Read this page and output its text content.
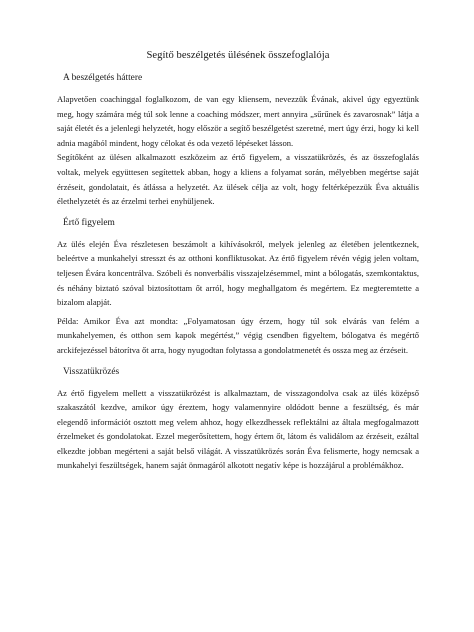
Segítő beszélgetés ülésének összefoglalója
A beszélgetés háttere

Alapvetően coachinggal foglalkozom, de van egy kliensem, nevezzük Évának, akivel úgy egyeztünk meg, hogy számára még túl sok lenne a coaching módszer, mert annyira „sűrűnek és zavarosnak” látja a saját életét és a jelenlegi helyzetét, hogy először a segítő beszélgetést szeretné, mert úgy érzi, hogy ki kell adnia magából mindent, hogy célokat és oda vezető lépéseket lásson.

Segítőként az ülésen alkalmazott eszközeim az értő figyelem, a visszatükrözés, és az összefoglalás voltak, melyek együttesen segítettek abban, hogy a kliens a folyamat során, mélyebben megértse saját érzéseit, gondolatait, és átlássa a helyzetét. Az ülések célja az volt, hogy feltérképezzük Éva aktuális élethelyzetét és az érzelmi terhei enyhüljenek.

Értő figyelem

Az ülés elején Éva részletesen beszámolt a kihívásokról, melyek jelenleg az életében jelentkeznek, beleértve a munkahelyi stresszt és az otthoni konfliktusokat. Az értő figyelem révén végig jelen voltam, teljesen Évára koncentrálva. Szóbeli és nonverbális visszajelzésemmel, mint a bólogatás, szemkontaktus, és néhány biztató szóval biztosítottam őt arról, hogy meghallgatom és megértem. Ez megteremtette a bizalom alapját.

Példa: Amikor Éva azt mondta: „Folyamatosan úgy érzem, hogy túl sok elvárás van felém a munkahelyemen, és otthon sem kapok megértést,” végig csendben figyeltem, bólogatva és megértő arckifejezéssel bátorítva őt arra, hogy nyugodtan folytassa a gondolatmenetét és ossza meg az érzéseit.

Visszatükrözés

Az értő figyelem mellett a visszatükrözést is alkalmaztam, de visszagondolva csak az ülés középső szakaszától kezdve, amikor úgy éreztem, hogy valamennyire oldódott benne a feszültség, és már elegendő információt osztott meg velem ahhoz, hogy elkezdhessek reflektálni az általa megfogalmazott érzelmeket és gondolatokat. Ezzel megerősítettem, hogy értem őt, látom és validálom az érzéseit, ezáltal elkezdte jobban megérteni a saját belső világát. A visszatükrözés során Éva felismerte, hogy nemcsak a munkahelyi feszültségek, hanem saját önmagáról alkotott negatív képe is hozzájárul a problémákhoz.
